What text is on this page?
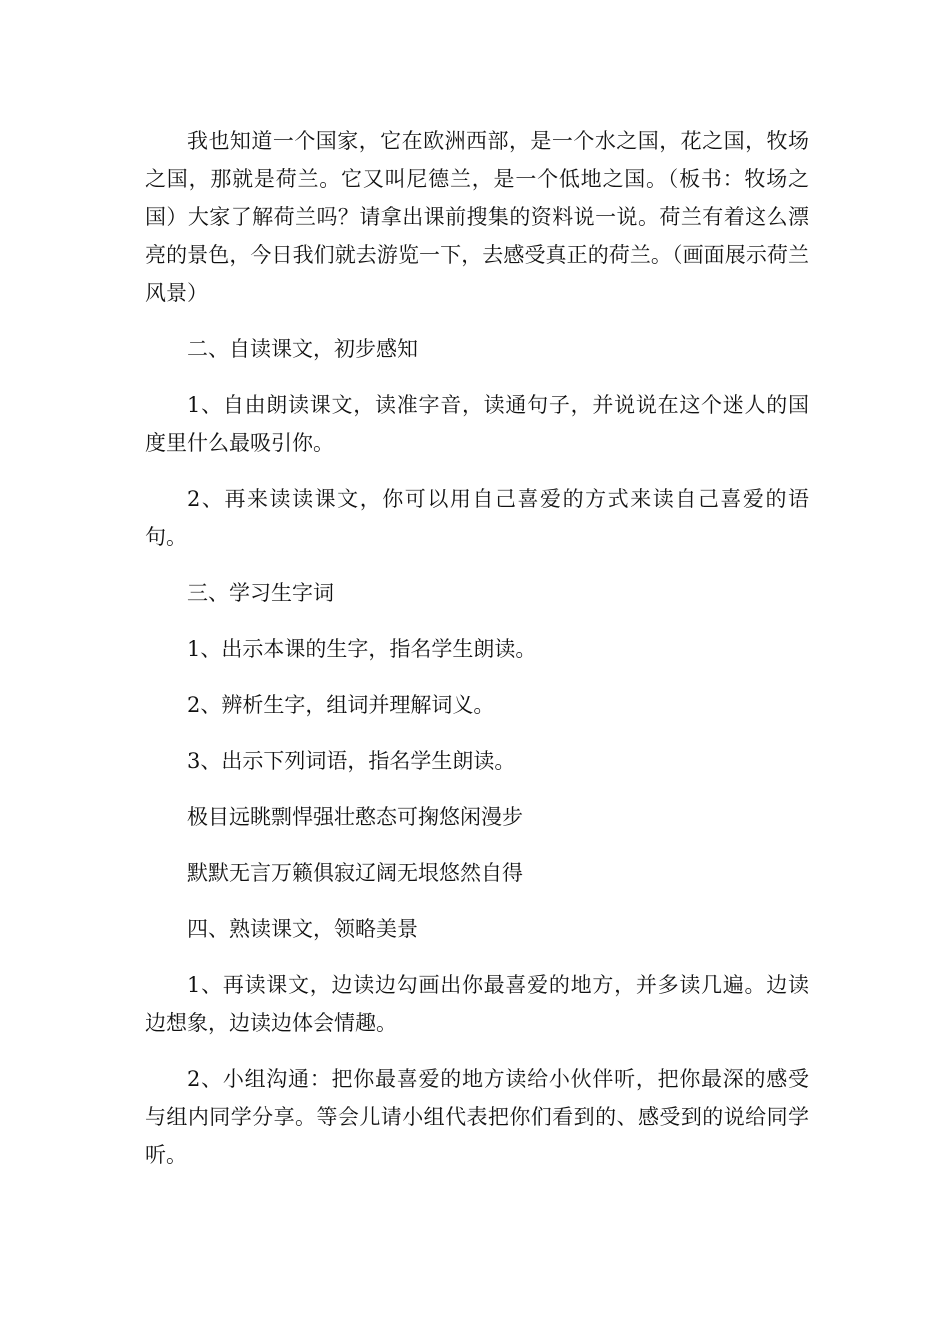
我也知道一个国家，它在欧洲西部，是一个水之国，花之国，牧场之国，那就是荷兰。它又叫尼德兰，是一个低地之国。（板书：牧场之国）大家了解荷兰吗？请拿出课前搜集的资料说一说。荷兰有着这么漂亮的景色，今日我们就去游览一下，去感受真正的荷兰。（画面展示荷兰风景）

二、自读课文，初步感知

1、自由朗读课文，读准字音，读通句子，并说说在这个迷人的国度里什么最吸引你。

2、再来读读课文，你可以用自己喜爱的方式来读自己喜爱的语句。

三、学习生字词

1、出示本课的生字，指名学生朗读。

2、辨析生字，组词并理解词义。

3、出示下列词语，指名学生朗读。

极目远眺剽悍强壮憨态可掬悠闲漫步

默默无言万籁俱寂辽阔无垠悠然自得

四、熟读课文，领略美景

1、再读课文，边读边勾画出你最喜爱的地方，并多读几遍。边读边想象，边读边体会情趣。

2、小组沟通：把你最喜爱的地方读给小伙伴听，把你最深的感受与组内同学分享。等会儿请小组代表把你们看到的、感受到的说给同学听。
